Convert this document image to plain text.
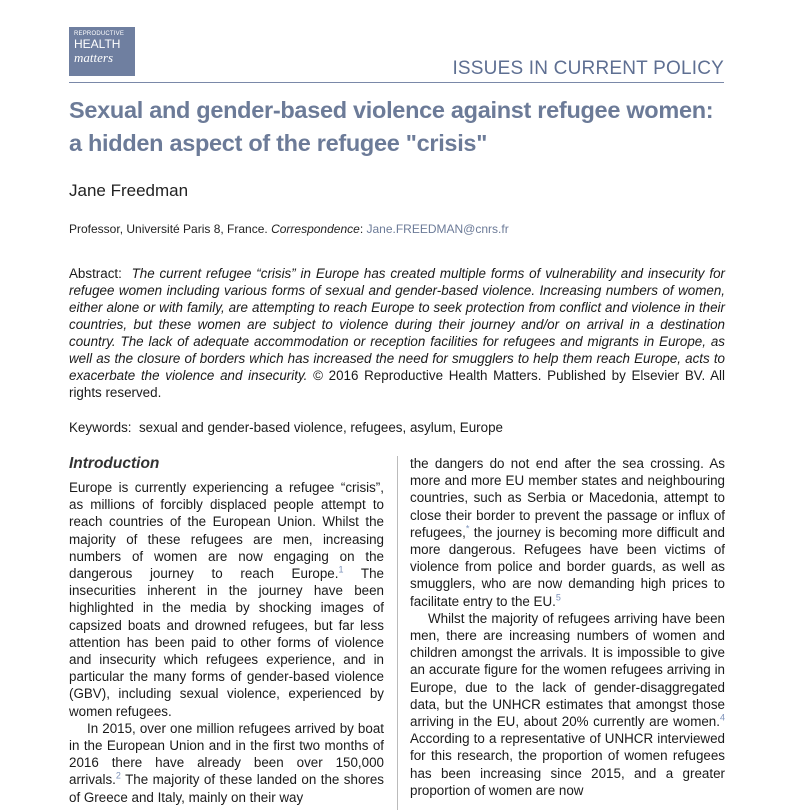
REPRODUCTIVE
HEALTH
matters
ISSUES IN CURRENT POLICY
Sexual and gender-based violence against refugee women: a hidden aspect of the refugee "crisis"
Jane Freedman
Professor, Université Paris 8, France. Correspondence: Jane.FREEDMAN@cnrs.fr

Abstract: The current refugee “crisis” in Europe has created multiple forms of vulnerability and insecurity for refugee women including various forms of sexual and gender-based violence. Increasing numbers of women, either alone or with family, are attempting to reach Europe to seek protection from conflict and violence in their countries, but these women are subject to violence during their journey and/or on arrival in a destination country. The lack of adequate accommodation or reception facilities for refugees and migrants in Europe, as well as the closure of borders which has increased the need for smugglers to help them reach Europe, acts to exacerbate the violence and insecurity. © 2016 Reproductive Health Matters. Published by Elsevier BV. All rights reserved.

Keywords: sexual and gender-based violence, refugees, asylum, Europe
Introduction

Europe is currently experiencing a refugee “crisis”, as millions of forcibly displaced people attempt to reach countries of the European Union. Whilst the majority of these refugees are men, increasing numbers of women are now engaging on the dangerous journey to reach Europe.$^1$ The insecurities inherent in the journey have been highlighted in the media by shocking images of capsized boats and drowned refugees, but far less attention has been paid to other forms of violence and insecurity which refugees experience, and in particular the many forms of gender-based violence (GBV), including sexual violence, experienced by women refugees.

In 2015, over one million refugees arrived by boat in the European Union and in the first two months of 2016 there have already been over 150,000 arrivals.$^2$ The majority of these landed on the shores of Greece and Italy, mainly on their way

the dangers do not end after the sea crossing. As more and more EU member states and neighbouring countries, such as Serbia or Macedonia, attempt to close their border to prevent the passage or influx of refugees,* the journey is becoming more difficult and more dangerous. Refugees have been victims of violence from police and border guards, as well as smugglers, who are now demanding high prices to facilitate entry to the EU.$^5$

Whilst the majority of refugees arriving have been men, there are increasing numbers of women and children amongst the arrivals. It is impossible to give an accurate figure for the women refugees arriving in Europe, due to the lack of gender-disaggregated data, but the UNHCR estimates that amongst those arriving in the EU, about 20% currently are women.$^4$ According to a representative of UNHCR interviewed for this research, the proportion of women refugees has been increasing since 2015, and a greater proportion of women are now
